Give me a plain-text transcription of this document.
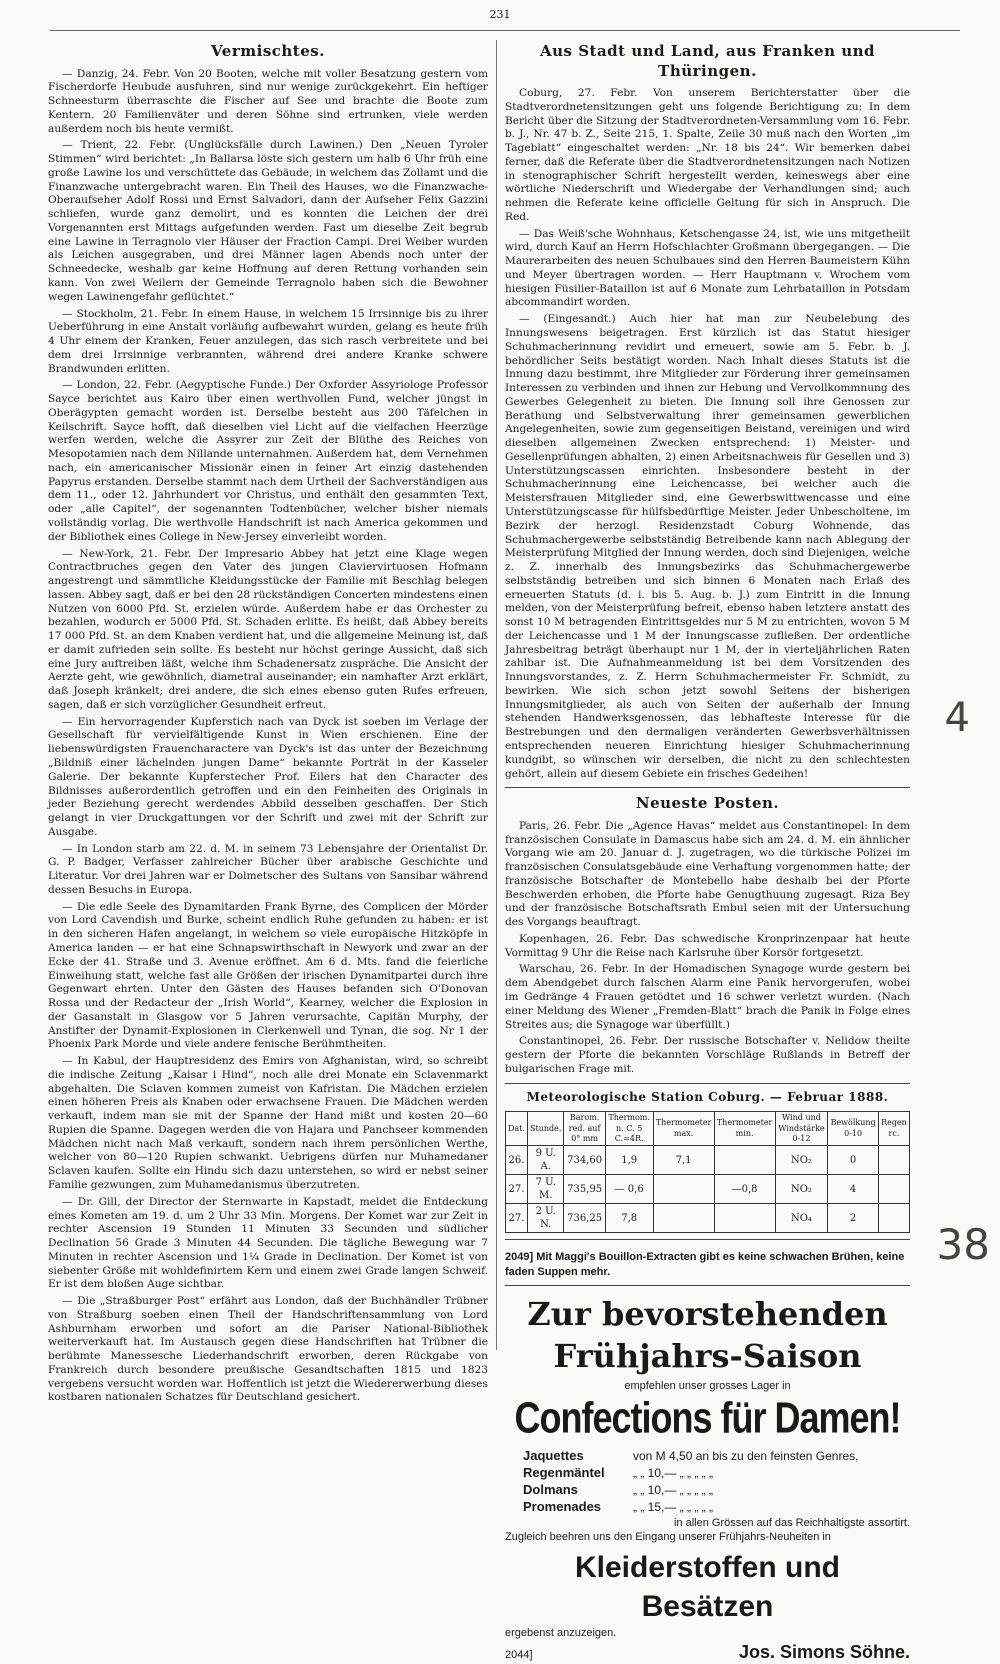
231
Vermischtes.

— Danzig, 24. Febr. Von 20 Booten, welche mit voller Besatzung gestern vom Fischerdorfe Heubude ausfuhren, sind nur wenige zurückgekehrt. Ein heftiger Schneesturm überraschte die Fischer auf See und brachte die Boote zum Kentern. 20 Familienväter und deren Söhne sind ertrunken, viele werden außerdem noch bis heute vermißt.

— Trient, 22. Febr. (Unglücksfälle durch Lawinen.) Den „Neuen Tyroler Stimmen“ wird berichtet: „In Ballarsa löste sich gestern um halb 6 Uhr früh eine große Lawine los und verschüttete das Gebäude, in welchem das Zollamt und die Finanzwache untergebracht waren. Ein Theil des Hauses, wo die Finanzwache-Oberaufseher Adolf Rossi und Ernst Salvadori, dann der Aufseher Felix Gazzini schliefen, wurde ganz demolirt, und es konnten die Leichen der drei Vorgenannten erst Mittags aufgefunden werden. Fast um dieselbe Zeit begrub eine Lawine in Terragnolo vier Häuser der Fraction Campi. Drei Weiber wurden als Leichen ausgegraben, und drei Männer lagen Abends noch unter der Schneedecke, weshalb gar keine Hoffnung auf deren Rettung vorhanden sein kann. Von zwei Weilern der Gemeinde Terragnolo haben sich die Bewohner wegen Lawinengefahr geflüchtet.“

— Stockholm, 21. Febr. In einem Hause, in welchem 15 Irrsinnige bis zu ihrer Ueberführung in eine Anstalt vorläufig aufbewahrt wurden, gelang es heute früh 4 Uhr einem der Kranken, Feuer anzulegen, das sich rasch verbreitete und bei dem drei Irrsinnige verbrannten, während drei andere Kranke schwere Brandwunden erlitten.

— London, 22. Febr. (Aegyptische Funde.) Der Oxforder Assyriologe Professor Sayce berichtet aus Kairo über einen werthvollen Fund, welcher jüngst in Oberägypten gemacht worden ist. Derselbe besteht aus 200 Täfelchen in Keilschrift. Sayce hofft, daß dieselben viel Licht auf die vielfachen Heerzüge werfen werden, welche die Assyrer zur Zeit der Blüthe des Reiches von Mesopotamien nach dem Nillande unternahmen. Außerdem hat, dem Vernehmen nach, ein americanischer Missionär einen in feiner Art einzig dastehenden Papyrus erstanden. Derselbe stammt nach dem Urtheil der Sachverständigen aus dem 11., oder 12. Jahrhundert vor Christus, und enthält den gesammten Text, oder „alle Capitel“, der sogenannten Todtenbücher, welcher bisher niemals vollständig vorlag. Die werthvolle Handschrift ist nach America gekommen und der Bibliothek eines College in New-Jersey einverleibt worden.

— New-York, 21. Febr. Der Impresario Abbey hat jetzt eine Klage wegen Contractbruches gegen den Vater des jungen Claviervirtuosen Hofmann angestrengt und sämmtliche Kleidungsstücke der Familie mit Beschlag belegen lassen. Abbey sagt, daß er bei den 28 rückständigen Concerten mindestens einen Nutzen von 6000 Pfd. St. erzielen würde. Außerdem habe er das Orchester zu bezahlen, wodurch er 5000 Pfd. St. Schaden erlitte. Es heißt, daß Abbey bereits 17 000 Pfd. St. an dem Knaben verdient hat, und die allgemeine Meinung ist, daß er damit zufrieden sein sollte. Es besteht nur höchst geringe Aussicht, daß sich eine Jury auftreiben läßt, welche ihm Schadenersatz zuspräche. Die Ansicht der Aerzte geht, wie gewöhnlich, diametral auseinander; ein namhafter Arzt erklärt, daß Joseph kränkelt; drei andere, die sich eines ebenso guten Rufes erfreuen, sagen, daß er sich vorzüglicher Gesundheit erfreut.

— Ein hervorragender Kupferstich nach van Dyck ist soeben im Verlage der Gesellschaft für vervielfältigende Kunst in Wien erschienen. Eine der liebenswürdigsten Frauencharactere van Dyck's ist das unter der Bezeichnung „Bildniß einer lächelnden jungen Dame“ bekannte Porträt in der Kasseler Galerie. Der bekannte Kupferstecher Prof. Eilers hat den Character des Bildnisses außerordentlich getroffen und ein den Feinheiten des Originals in jeder Beziehung gerecht werdendes Abbild desselben geschaffen. Der Stich gelangt in vier Druckgattungen vor der Schrift und zwei mit der Schrift zur Ausgabe.

— In London starb am 22. d. M. in seinem 73 Lebensjahre der Orientalist Dr. G. P. Badger, Verfasser zahlreicher Bücher über arabische Geschichte und Literatur. Vor drei Jahren war er Dolmetscher des Sultans von Sansibar während dessen Besuchs in Europa.

— Die edle Seele des Dynamitarden Frank Byrne, des Complicen der Mörder von Lord Cavendish und Burke, scheint endlich Ruhe gefunden zu haben: er ist in den sicheren Hafen angelangt, in welchem so viele europäische Hitzköpfe in America landen — er hat eine Schnapswirthschaft in Newyork und zwar an der Ecke der 41. Straße und 3. Avenue eröffnet. Am 6 d. Mts. fand die feierliche Einweihung statt, welche fast alle Größen der irischen Dynamitpartei durch ihre Gegenwart ehrten. Unter den Gästen des Hauses befanden sich O'Donovan Rossa und der Redacteur der „Irish World“, Kearney, welcher die Explosion in der Gasanstalt in Glasgow vor 5 Jahren verursachte, Capitän Murphy, der Anstifter der Dynamit-Explosionen in Clerkenwell und Tynan, die sog. Nr 1 der Phoenix Park Morde und viele andere fenische Berühmtheiten.

— In Kabul, der Hauptresidenz des Emirs von Afghanistan, wird, so schreibt die indische Zeitung „Kaisar i Hind“, noch alle drei Monate ein Sclavenmarkt abgehalten. Die Sclaven kommen zumeist von Kafristan. Die Mädchen erzielen einen höheren Preis als Knaben oder erwachsene Frauen. Die Mädchen werden verkauft, indem man sie mit der Spanne der Hand mißt und kosten 20—60 Rupien die Spanne. Dagegen werden die von Hajara und Panchseer kommenden Mädchen nicht nach Maß verkauft, sondern nach ihrem persönlichen Werthe, welcher von 80—120 Rupien schwankt. Uebrigens dürfen nur Muhamedaner Sclaven kaufen. Sollte ein Hindu sich dazu unterstehen, so wird er nebst seiner Familie gezwungen, zum Muhamedanismus überzutreten.

— Dr. Gill, der Director der Sternwarte in Kapstadt, meldet die Entdeckung eines Kometen am 19. d. um 2 Uhr 33 Min. Morgens. Der Komet war zur Zeit in rechter Ascension 19 Stunden 11 Minuten 33 Secunden und südlicher Declination 56 Grade 3 Minuten 44 Secunden. Die tägliche Bewegung war 7 Minuten in rechter Ascension und 1¼ Grade in Declination. Der Komet ist von siebenter Größe mit wohldefinirtem Kern und einem zwei Grade langen Schweif. Er ist dem bloßen Auge sichtbar.

— Die „Straßburger Post“ erfährt aus London, daß der Buchhändler Trübner von Straßburg soeben einen Theil der Handschriftensammlung von Lord Ashburnham erworben und sofort an die Pariser National-Bibliothek weiterverkauft hat. Im Austausch gegen diese Handschriften hat Trübner die berühmte Manessesche Liederhandschrift erworben, deren Rückgabe von Frankreich durch besondere preußische Gesandtschaften 1815 und 1823 vergebens versucht worden war. Hoffentlich ist jetzt die Wiedererwerbung dieses kostbaren nationalen Schatzes für Deutschland gesichert.

Aus Stadt und Land, aus Franken und Thüringen.

Coburg, 27. Febr. Von unserem Berichterstatter über die Stadtverordnetensitzungen geht uns folgende Berichtigung zu: In dem Bericht über die Sitzung der Stadtverordneten-Versammlung vom 16. Febr. b. J., Nr. 47 b. Z., Seite 215, 1. Spalte, Zeile 30 muß nach den Worten „im Tageblatt“ eingeschaltet werden: „Nr. 18 bis 24“. Wir bemerken dabei ferner, daß die Referate über die Stadtverordnetensitzungen nach Notizen in stenographischer Schrift hergestellt werden, keineswegs aber eine wörtliche Niederschrift und Wiedergabe der Verhandlungen sind; auch nehmen die Referate keine officielle Geltung für sich in Anspruch. Die Red.

— Das Weiß'sche Wohnhaus, Ketschengasse 24, ist, wie uns mitgetheilt wird, durch Kauf an Herrn Hofschlachter Großmann übergegangen. — Die Maurerarbeiten des neuen Schulbaues sind den Herren Baumeistern Kühn und Meyer übertragen worden. — Herr Hauptmann v. Wrochem vom hiesigen Füsilier-Bataillon ist auf 6 Monate zum Lehrbataillon in Potsdam abcommandirt worden.

— (Eingesandt.) Auch hier hat man zur Neubelebung des Innungswesens beigetragen. Erst kürzlich ist das Statut hiesiger Schuhmacherinnung revidirt und erneuert, sowie am 5. Febr. b. J. behördlicher Seits bestätigt worden. Nach Inhalt dieses Statuts ist die Innung dazu bestimmt, ihre Mitglieder zur Förderung ihrer gemeinsamen Interessen zu verbinden und ihnen zur Hebung und Vervollkommnung des Gewerbes Gelegenheit zu bieten. Die Innung soll ihre Genossen zur Berathung und Selbstverwaltung ihrer gemeinsamen gewerblichen Angelegenheiten, sowie zum gegenseitigen Beistand, vereinigen und wird dieselben allgemeinen Zwecken entsprechend: 1) Meister- und Gesellenprüfungen abhalten, 2) einen Arbeitsnachweis für Gesellen und 3) Unterstützungscassen einrichten. Insbesondere besteht in der Schuhmacherinnung eine Leichencasse, bei welcher auch die Meistersfrauen Mitglieder sind, eine Gewerbswittwencasse und eine Unterstützungscasse für hülfsbedürftige Meister. Jeder Unbescholtene, im Bezirk der herzogl. Residenzstadt Coburg Wohnende, das Schuhmachergewerbe selbstständig Betreibende kann nach Ablegung der Meisterprüfung Mitglied der Innung werden, doch sind Diejenigen, welche z. Z. innerhalb des Innungsbezirks das Schuhmachergewerbe selbstständig betreiben und sich binnen 6 Monaten nach Erlaß des erneuerten Statuts (d. i. bis 5. Aug. b. J.) zum Eintritt in die Innung melden, von der Meisterprüfung befreit, ebenso haben letztere anstatt des sonst 10 M betragenden Eintrittsgeldes nur 5 M zu entrichten, wovon 5 M der Leichencasse und 1 M der Innungscasse zufließen. Der ordentliche Jahresbeitrag beträgt überhaupt nur 1 M, der in vierteljährlichen Raten zahlbar ist. Die Aufnahmeanmeldung ist bei dem Vorsitzenden des Innungsvorstandes, z. Z. Herrn Schuhmachermeister Fr. Schmidt, zu bewirken. Wie sich schon jetzt sowohl Seitens der bisherigen Innungsmitglieder, als auch von Seiten der außerhalb der Innung stehenden Handwerksgenossen, das lebhafteste Interesse für die Bestrebungen und den dermaligen veränderten Gewerbsverhältnissen entsprechenden neueren Einrichtung hiesiger Schuhmacherinnung kundgibt, so wünschen wir derselben, die nicht zu den schlechtesten gehört, allein auf diesem Gebiete ein frisches Gedeihen!

Neueste Posten.

Paris, 26. Febr. Die „Agence Havas“ meldet aus Constantinopel: In dem französischen Consulate in Damascus habe sich am 24. d. M. ein ähnlicher Vorgang wie am 20. Januar d. J. zugetragen, wo die türkische Polizei im französischen Consulatsgebäude eine Verhaftung vorgenommen hatte; der französische Botschafter de Montebello habe deshalb bei der Pforte Beschwerden erhoben, die Pforte habe Genugthuung zugesagt. Riza Bey und der französische Botschaftsrath Embul seien mit der Untersuchung des Vorgangs beauftragt.

Kopenhagen, 26. Febr. Das schwedische Kronprinzenpaar hat heute Vormittag 9 Uhr die Reise nach Karlsruhe über Korsör fortgesetzt.

Warschau, 26. Febr. In der Homadischen Synagoge wurde gestern bei dem Abendgebet durch falschen Alarm eine Panik hervorgerufen, wobei im Gedränge 4 Frauen getödtet und 16 schwer verletzt wurden. (Nach einer Meldung des Wiener „Fremden-Blatt“ brach die Panik in Folge eines Streites aus; die Synagoge war überfüllt.)

Constantinopel, 26. Febr. Der russische Botschafter v. Nelidow theilte gestern der Pforte die bekannten Vorschläge Rußlands in Betreff der bulgarischen Frage mit.

Meteorologische Station Coburg. — Februar 1888.
Dat.	Stunde.	Barom. red. auf 0° mm	Thermom. n. C. 5 C.=4R.	Thermometer max.	Thermometer min.	Wind und Windstärke 0-12	Bewölkung 0-10	Regen rc.
26.	9 U. A.	734,60	1,9	7,1		NO₂	0	
27.	7 U. M.	735,95	— 0,6		—0,8	NO₂	4	
27.	2 U. N.	736,25	7,8			NO₄	2	
2049] Mit Maggi's Bouillon-Extracten gibt es keine schwachen Brühen, keine faden Suppen mehr.
Zur bevorstehenden Frühjahrs-Saison
empfehlen unser grosses Lager in
Confections für Damen!
Jaquettes	von M 4,50 an bis zu den feinsten Genres,
Regenmäntel „ „ 10,— „ „ „ „ „
Dolmans	„ „ 10,— „ „ „ „ „
Promenades	„ „ 15,— „ „ „ „ „
in allen Grössen auf das Reichhaltigste assortirt.
Zugleich beehren uns den Eingang unserer Frühjahrs-Neuheiten in
Kleiderstoffen und Besätzen
ergebenst anzuzeigen.
2044]	Jos. Simons Söhne.
4
38
